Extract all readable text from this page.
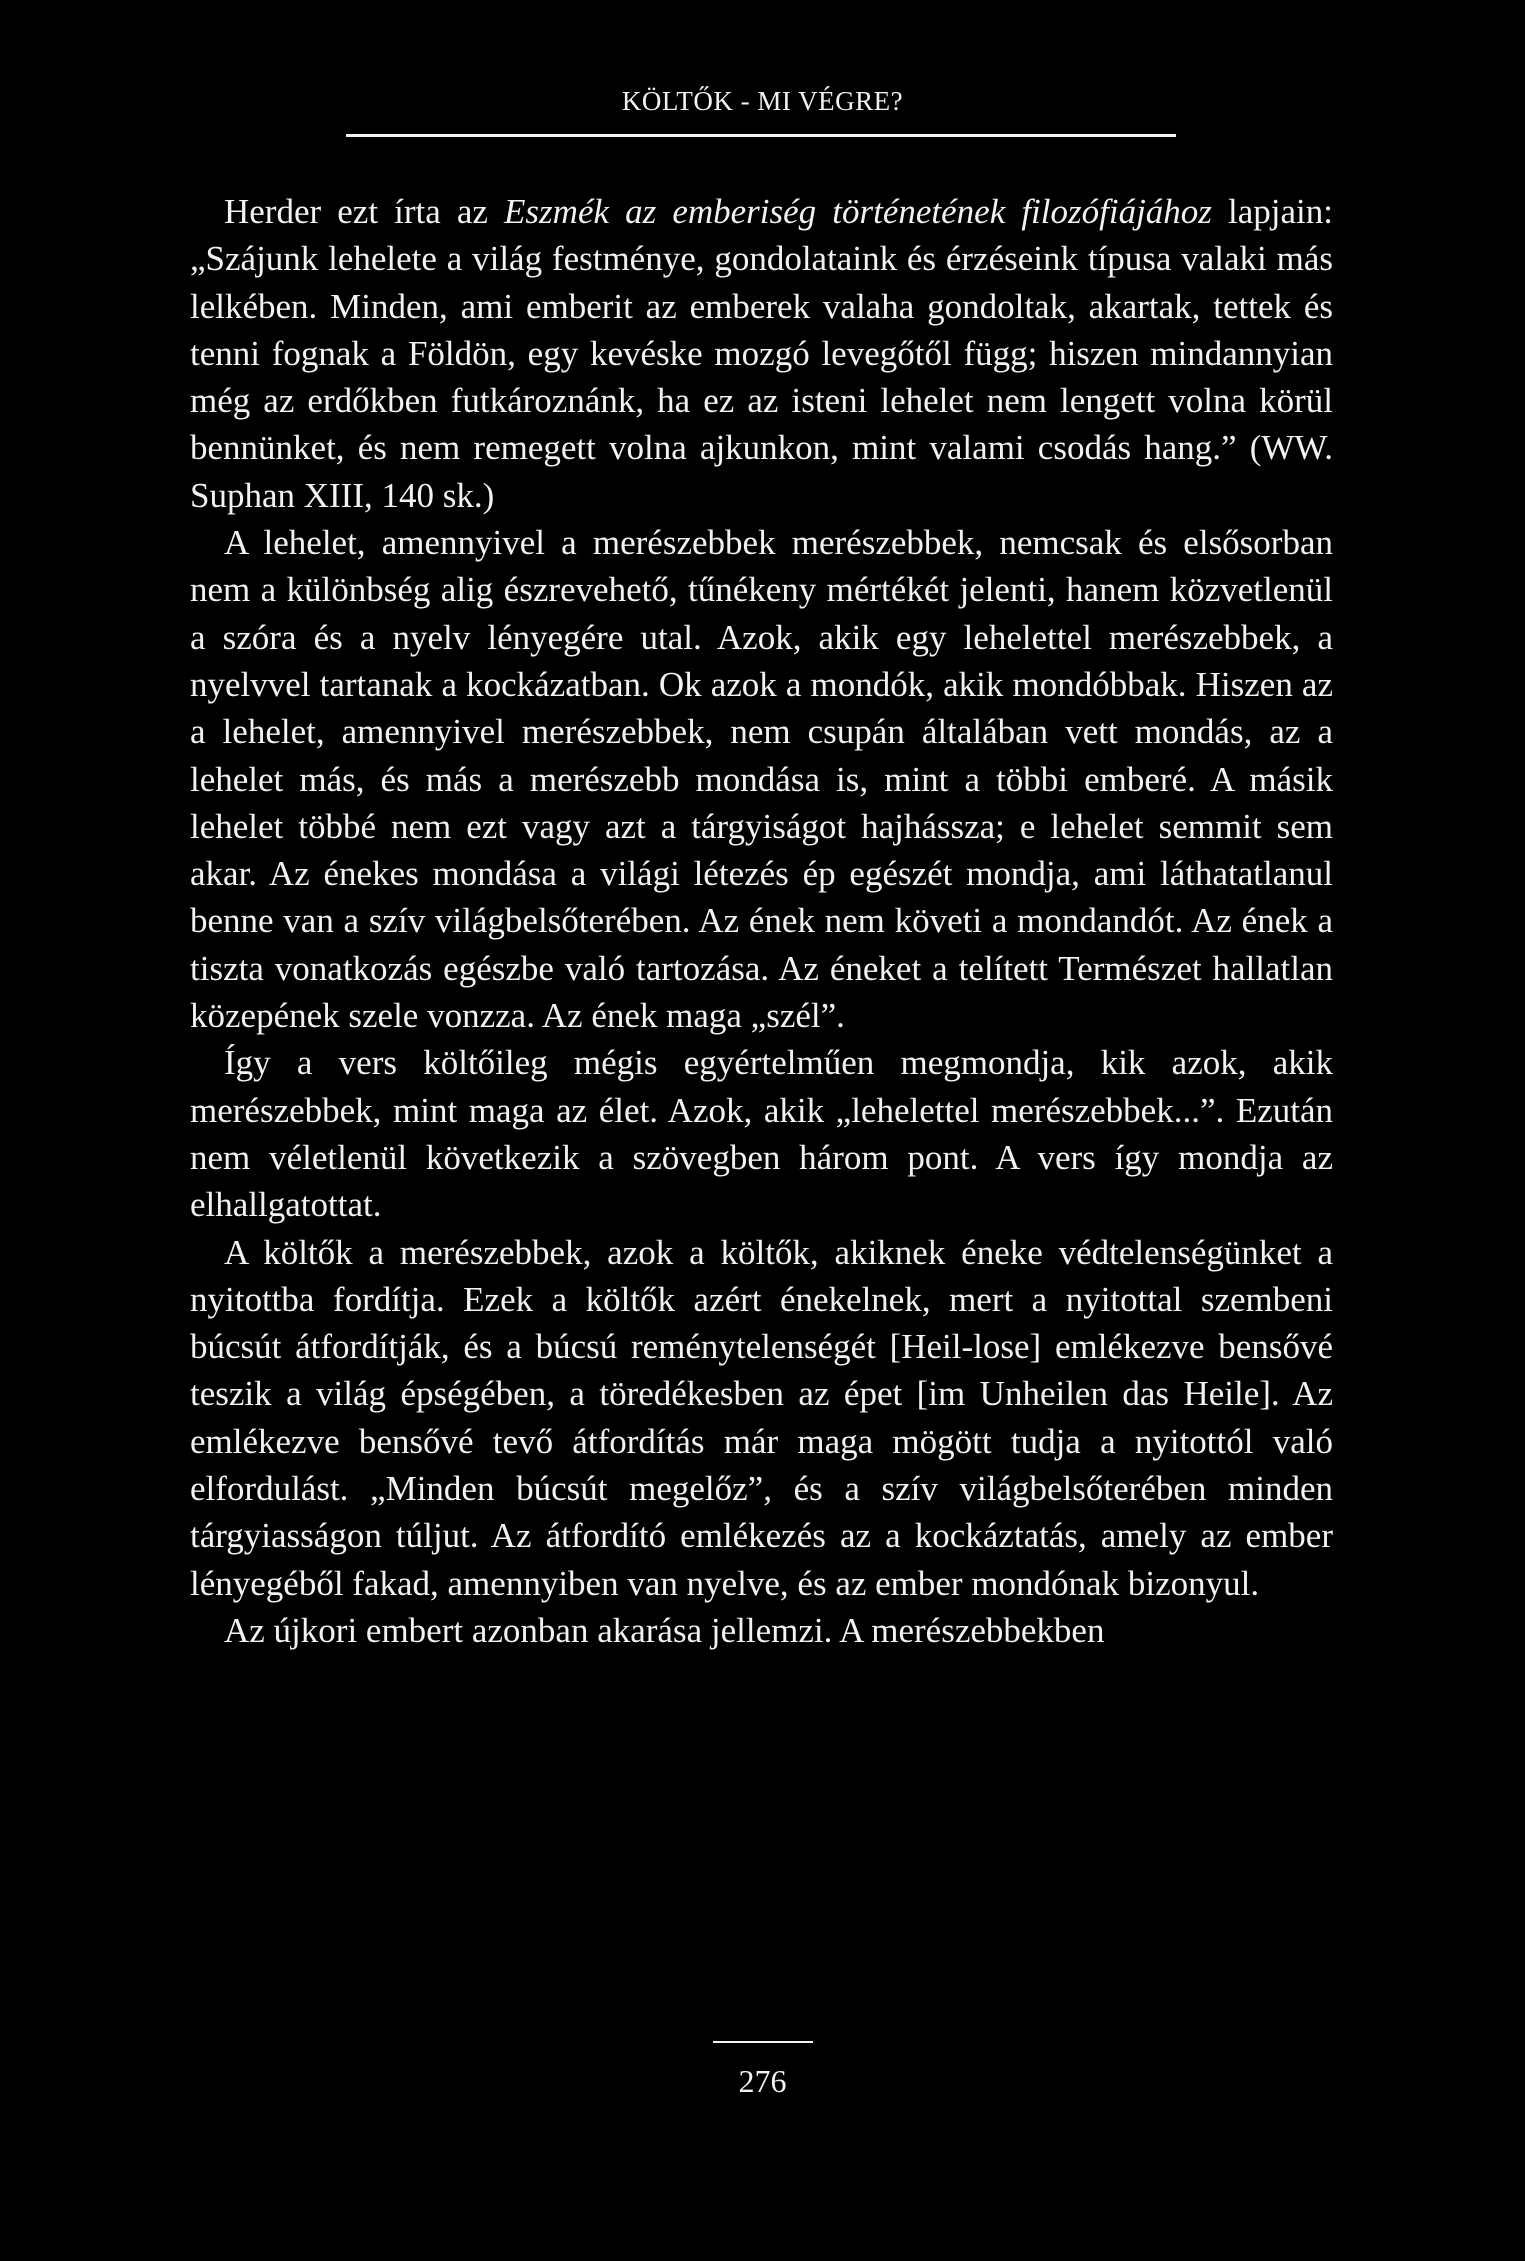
KÖLTŐK - MI VÉGRE?

Herder ezt írta az Eszmék az emberiség történetének filozófiájához lapjain: „Szájunk lehelete a világ festménye, gondolataink és érzéseink típusa valaki más lelkében. Minden, ami emberit az emberek valaha gondoltak, akartak, tettek és tenni fognak a Földön, egy kevéske mozgó levegőtől függ; hiszen mindannyian még az erdőkben futkároznánk, ha ez az isteni lehelet nem lengett volna körül bennünket, és nem remegett volna ajkunkon, mint valami csodás hang.” (WW. Suphan XIII, 140 sk.)

A lehelet, amennyivel a merészebbek merészebbek, nemcsak és elsősorban nem a különbség alig észrevehető, tűnékeny mértékét jelenti, hanem közvetlenül a szóra és a nyelv lényegére utal. Azok, akik egy lehelettel merészebbek, a nyelvvel tartanak a kockázatban. Ok azok a mondók, akik mondóbbak. Hiszen az a lehelet, amennyivel merészebbek, nem csupán általában vett mondás, az a lehelet más, és más a merészebb mondása is, mint a többi emberé. A másik lehelet többé nem ezt vagy azt a tárgyiságot hajhássza; e lehelet semmit sem akar. Az énekes mondása a világi létezés ép egészét mondja, ami láthatatlanul benne van a szív világbelsőterében. Az ének nem követi a mondandót. Az ének a tiszta vonatkozás egészbe való tartozása. Az éneket a telített Természet hallatlan közepének szele vonzza. Az ének maga „szél”.

Így a vers költőileg mégis egyértelműen megmondja, kik azok, akik merészebbek, mint maga az élet. Azok, akik „lehelettel merészebbek...”. Ezután nem véletlenül következik a szövegben három pont. A vers így mondja az elhallgatottat.

A költők a merészebbek, azok a költők, akiknek éneke védtelenségünket a nyitottba fordítja. Ezek a költők azért énekelnek, mert a nyitottal szembeni búcsút átfordítják, és a búcsú reménytelenségét [Heil-lose] emlékezve bensővé teszik a világ épségében, a töredékesben az épet [im Unheilen das Heile]. Az emlékezve bensővé tevő átfordítás már maga mögött tudja a nyitottól való elfordulást. „Minden búcsút megelőz”, és a szív világbelsőterében minden tárgyiasságon túljut. Az átfordító emlékezés az a kockáztatás, amely az ember lényegéből fakad, amennyiben van nyelve, és az ember mondónak bizonyul.

Az újkori embert azonban akarása jellemzi. A merészebbekben

276
